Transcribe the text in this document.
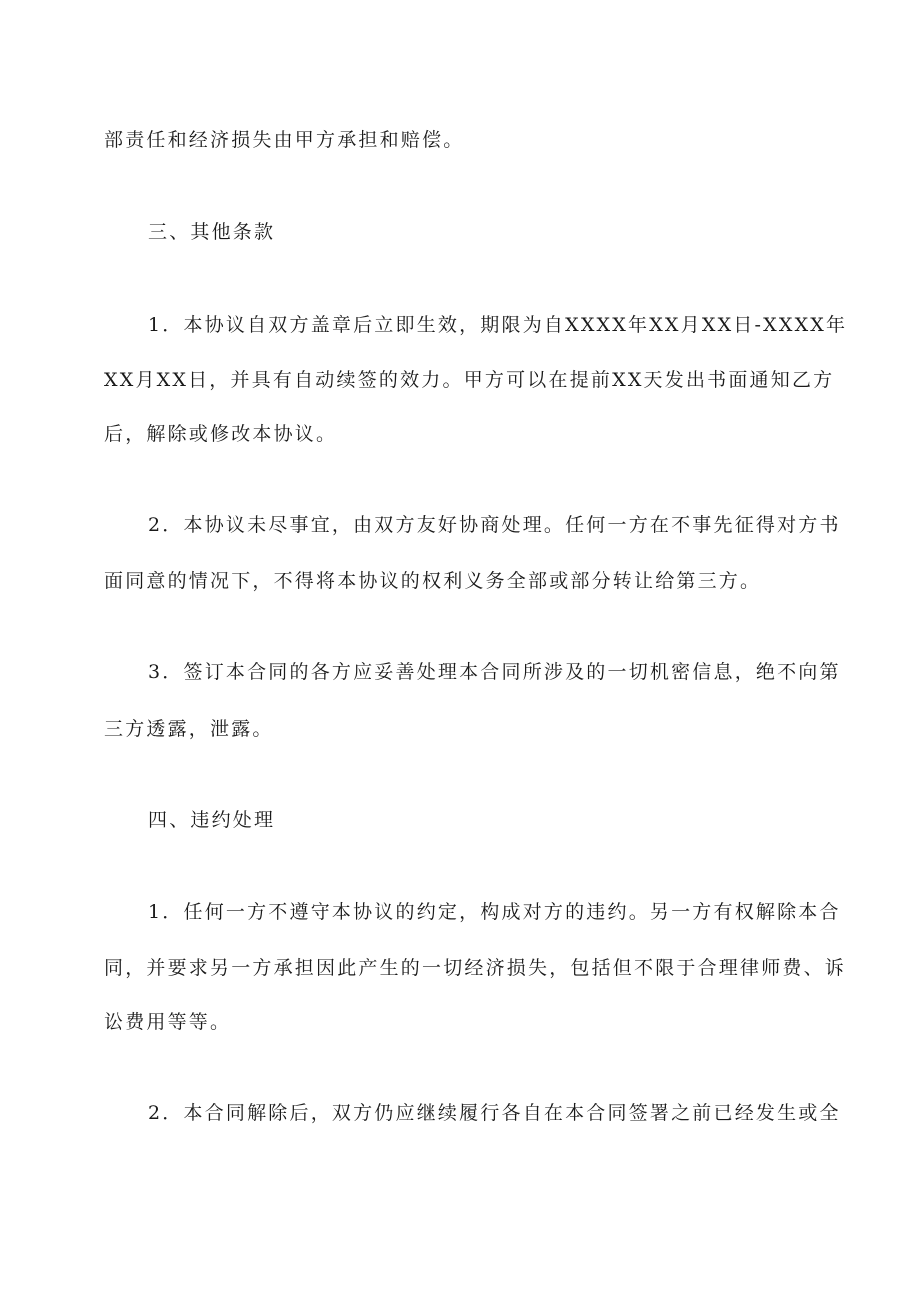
部责任和经济损失由甲方承担和赔偿。
三、其他条款
1．本协议自双方盖章后立即生效，期限为自XXXX年XX月XX日-XXXX年
XX月XX日，并具有自动续签的效力。甲方可以在提前XX天发出书面通知乙方
后，解除或修改本协议。
2．本协议未尽事宜，由双方友好协商处理。任何一方在不事先征得对方书
面同意的情况下，不得将本协议的权利义务全部或部分转让给第三方。
3．签订本合同的各方应妥善处理本合同所涉及的一切机密信息，绝不向第
三方透露，泄露。
四、违约处理
1．任何一方不遵守本协议的约定，构成对方的违约。另一方有权解除本合
同，并要求另一方承担因此产生的一切经济损失，包括但不限于合理律师费、诉
讼费用等等。
2．本合同解除后，双方仍应继续履行各自在本合同签署之前已经发生或全
